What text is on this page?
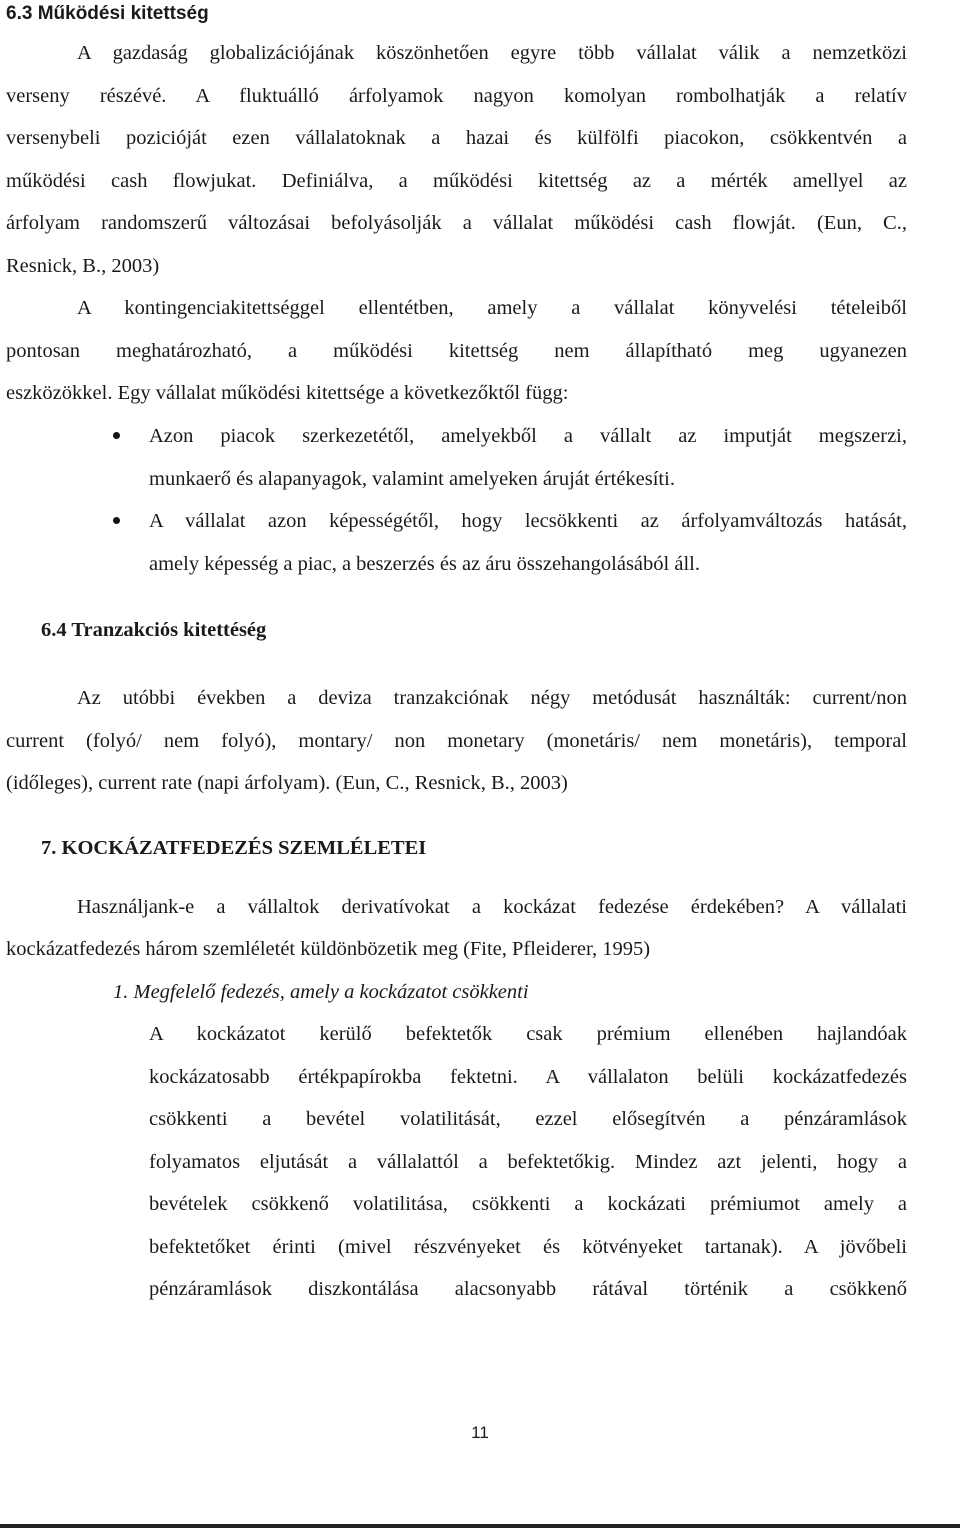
6.3 Működési kitettség
A gazdaság globalizációjának köszönhetően egyre több vállalat válik a nemzetközi
verseny részévé. A fluktuálló árfolyamok nagyon komolyan rombolhatják a relatív
versenybeli pozicióját ezen vállalatoknak a hazai és külfölfi piacokon, csökkentvén a
működési cash flowjukat. Definiálva, a működési kitettség az a mérték amellyel az
árfolyam randomszerű változásai befolyásolják a vállalat működési cash flowját. (Eun, C.,
Resnick, B., 2003)
A kontingenciakitettséggel ellentétben, amely a vállalat könyvelési tételeiből
pontosan meghatározható, a működési kitettség nem állapítható meg ugyanezen
eszközökkel. Egy vállalat működési kitettsége a következőktől függ:
Azon piacok szerkezetétől, amelyekből a vállalt az imputját megszerzi,
munkaerő és alapanyagok, valamint amelyeken áruját értékesíti.
A vállalat azon képességétől, hogy lecsökkenti az árfolyamváltozás hatását,
amely képesség a piac, a beszerzés és az áru összehangolásából áll.
6.4 Tranzakciós kitettéség
Az utóbbi években a deviza tranzakciónak négy metódusát használták: current/non
current (folyó/ nem folyó), montary/ non monetary (monetáris/ nem monetáris), temporal
(időleges), current rate (napi árfolyam). (Eun, C., Resnick, B., 2003)
7. KOCKÁZATFEDEZÉS SZEMLÉLETEI
Használjank-e a vállaltok derivatívokat a kockázat fedezése érdekében? A vállalati
kockázatfedezés három szemléletét küldönbözetik meg (Fite, Pfleiderer, 1995)
1. Megfelelő fedezés, amely a kockázatot csökkenti
A kockázatot kerülő befektetők csak prémium ellenében hajlandóak
kockázatosabb értékpapírokba fektetni. A vállalaton belüli kockázatfedezés
csökkenti a bevétel volatilitását, ezzel elősegítvén a pénzáramlások
folyamatos eljutását a vállalattól a befektetőkig. Mindez azt jelenti, hogy a
bevételek csökkenő volatilitása, csökkenti a kockázati prémiumot amely a
befektetőket érinti (mivel részvényeket és kötvényeket tartanak). A jövőbeli
pénzáramlások diszkontálása alacsonyabb rátával történik a csökkenő
11
